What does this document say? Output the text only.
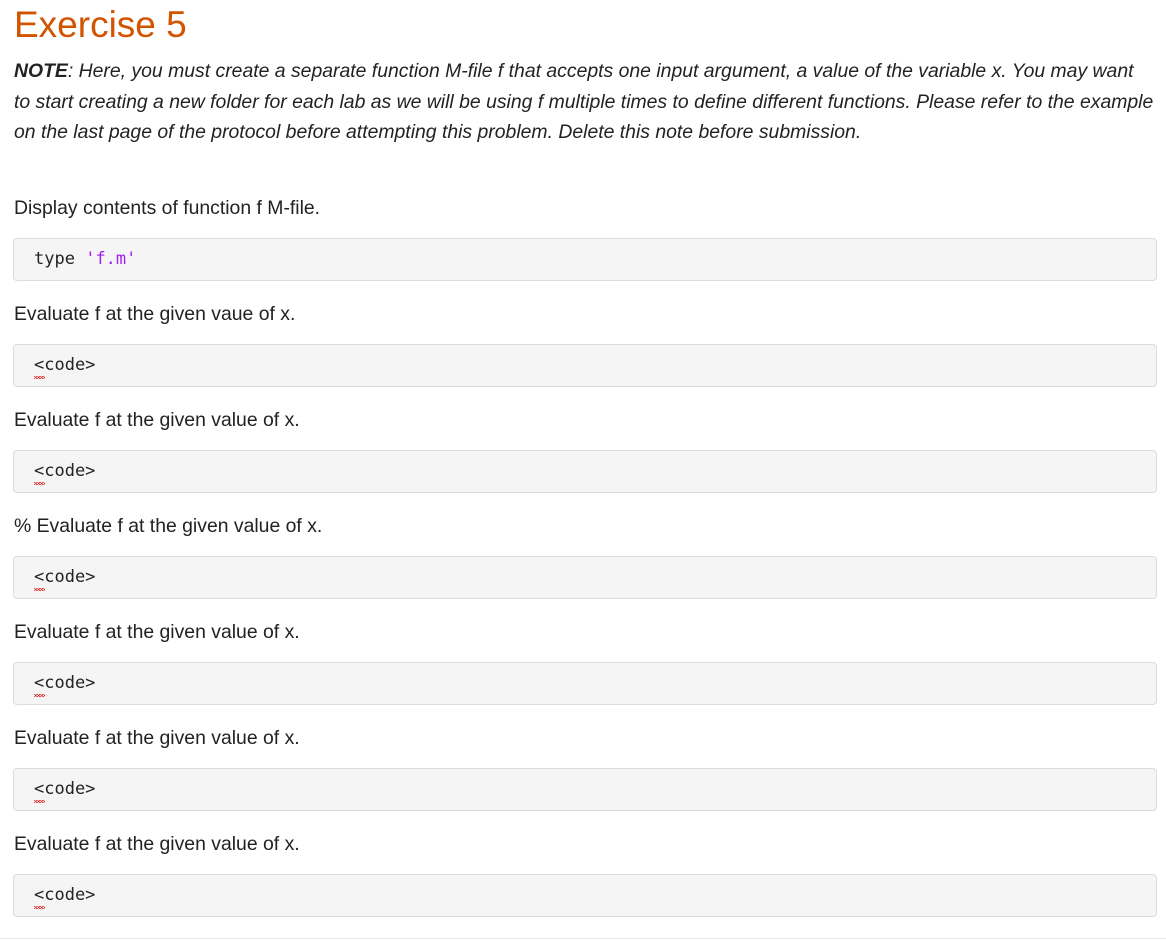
Exercise 5

NOTE: Here, you must create a separate function M-file f that accepts one input argument, a value of the variable x. You may want to start creating a new folder for each lab as we will be using f multiple times to define different functions. Please refer to the example on the last page of the protocol before attempting this problem. Delete this note before submission.

Display contents of function f M-file.

type 'f.m'

Evaluate f at the given vaue of x.

<code>

Evaluate f at the given value of x.

<code>

% Evaluate f at the given value of x.

<code>

Evaluate f at the given value of x.

<code>

Evaluate f at the given value of x.

<code>

Evaluate f at the given value of x.

<code>
